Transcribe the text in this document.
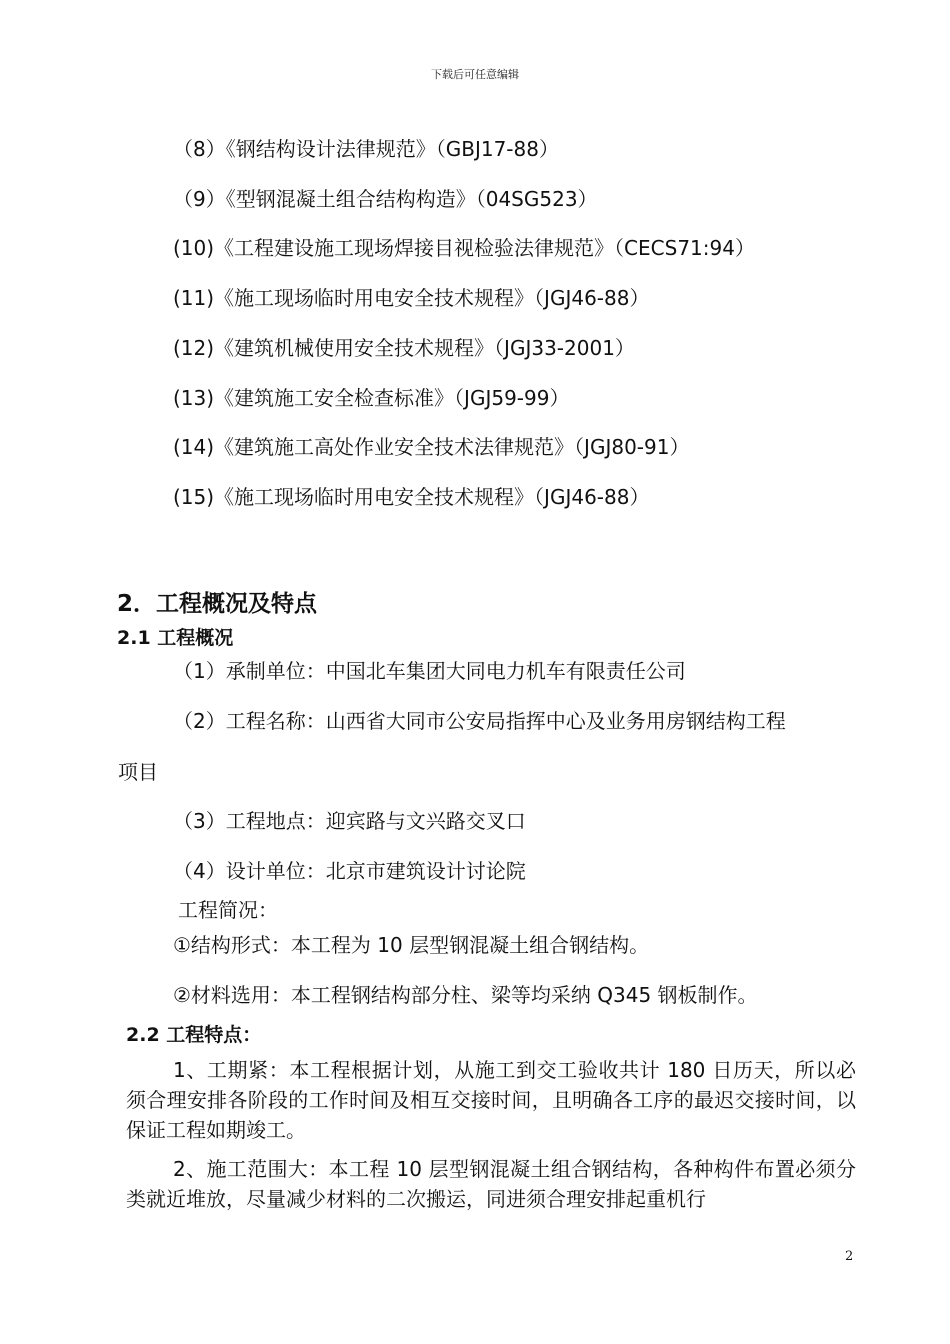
下载后可任意编辑
（8）《钢结构设计法律规范》（GBJ17-88）
（9）《型钢混凝土组合结构构造》（04SG523）
(10)《工程建设施工现场焊接目视检验法律规范》（CECS71:94）
(11)《施工现场临时用电安全技术规程》（JGJ46-88）
(12)《建筑机械使用安全技术规程》（JGJ33-2001）
(13)《建筑施工安全检查标准》（JGJ59-99）
(14)《建筑施工高处作业安全技术法律规范》（JGJ80-91）
(15)《施工现场临时用电安全技术规程》（JGJ46-88）
2．工程概况及特点
2.1 工程概况
（1）承制单位：中国北车集团大同电力机车有限责任公司
（2）工程名称：山西省大同市公安局指挥中心及业务用房钢结构工程
项目
（3）工程地点：迎宾路与文兴路交叉口
（4）设计单位：北京市建筑设计讨论院
工程简况：
①结构形式：本工程为 10 层型钢混凝土组合钢结构。
②材料选用：本工程钢结构部分柱、梁等均采纳 Q345 钢板制作。
2.2 工程特点：
1、工期紧：本工程根据计划，从施工到交工验收共计 180 日历天，所以必须合理安排各阶段的工作时间及相互交接时间，且明确各工序的最迟交接时间，以保证工程如期竣工。
2、施工范围大：本工程 10 层型钢混凝土组合钢结构，各种构件布置必须分类就近堆放，尽量减少材料的二次搬运，同进须合理安排起重机行
2
